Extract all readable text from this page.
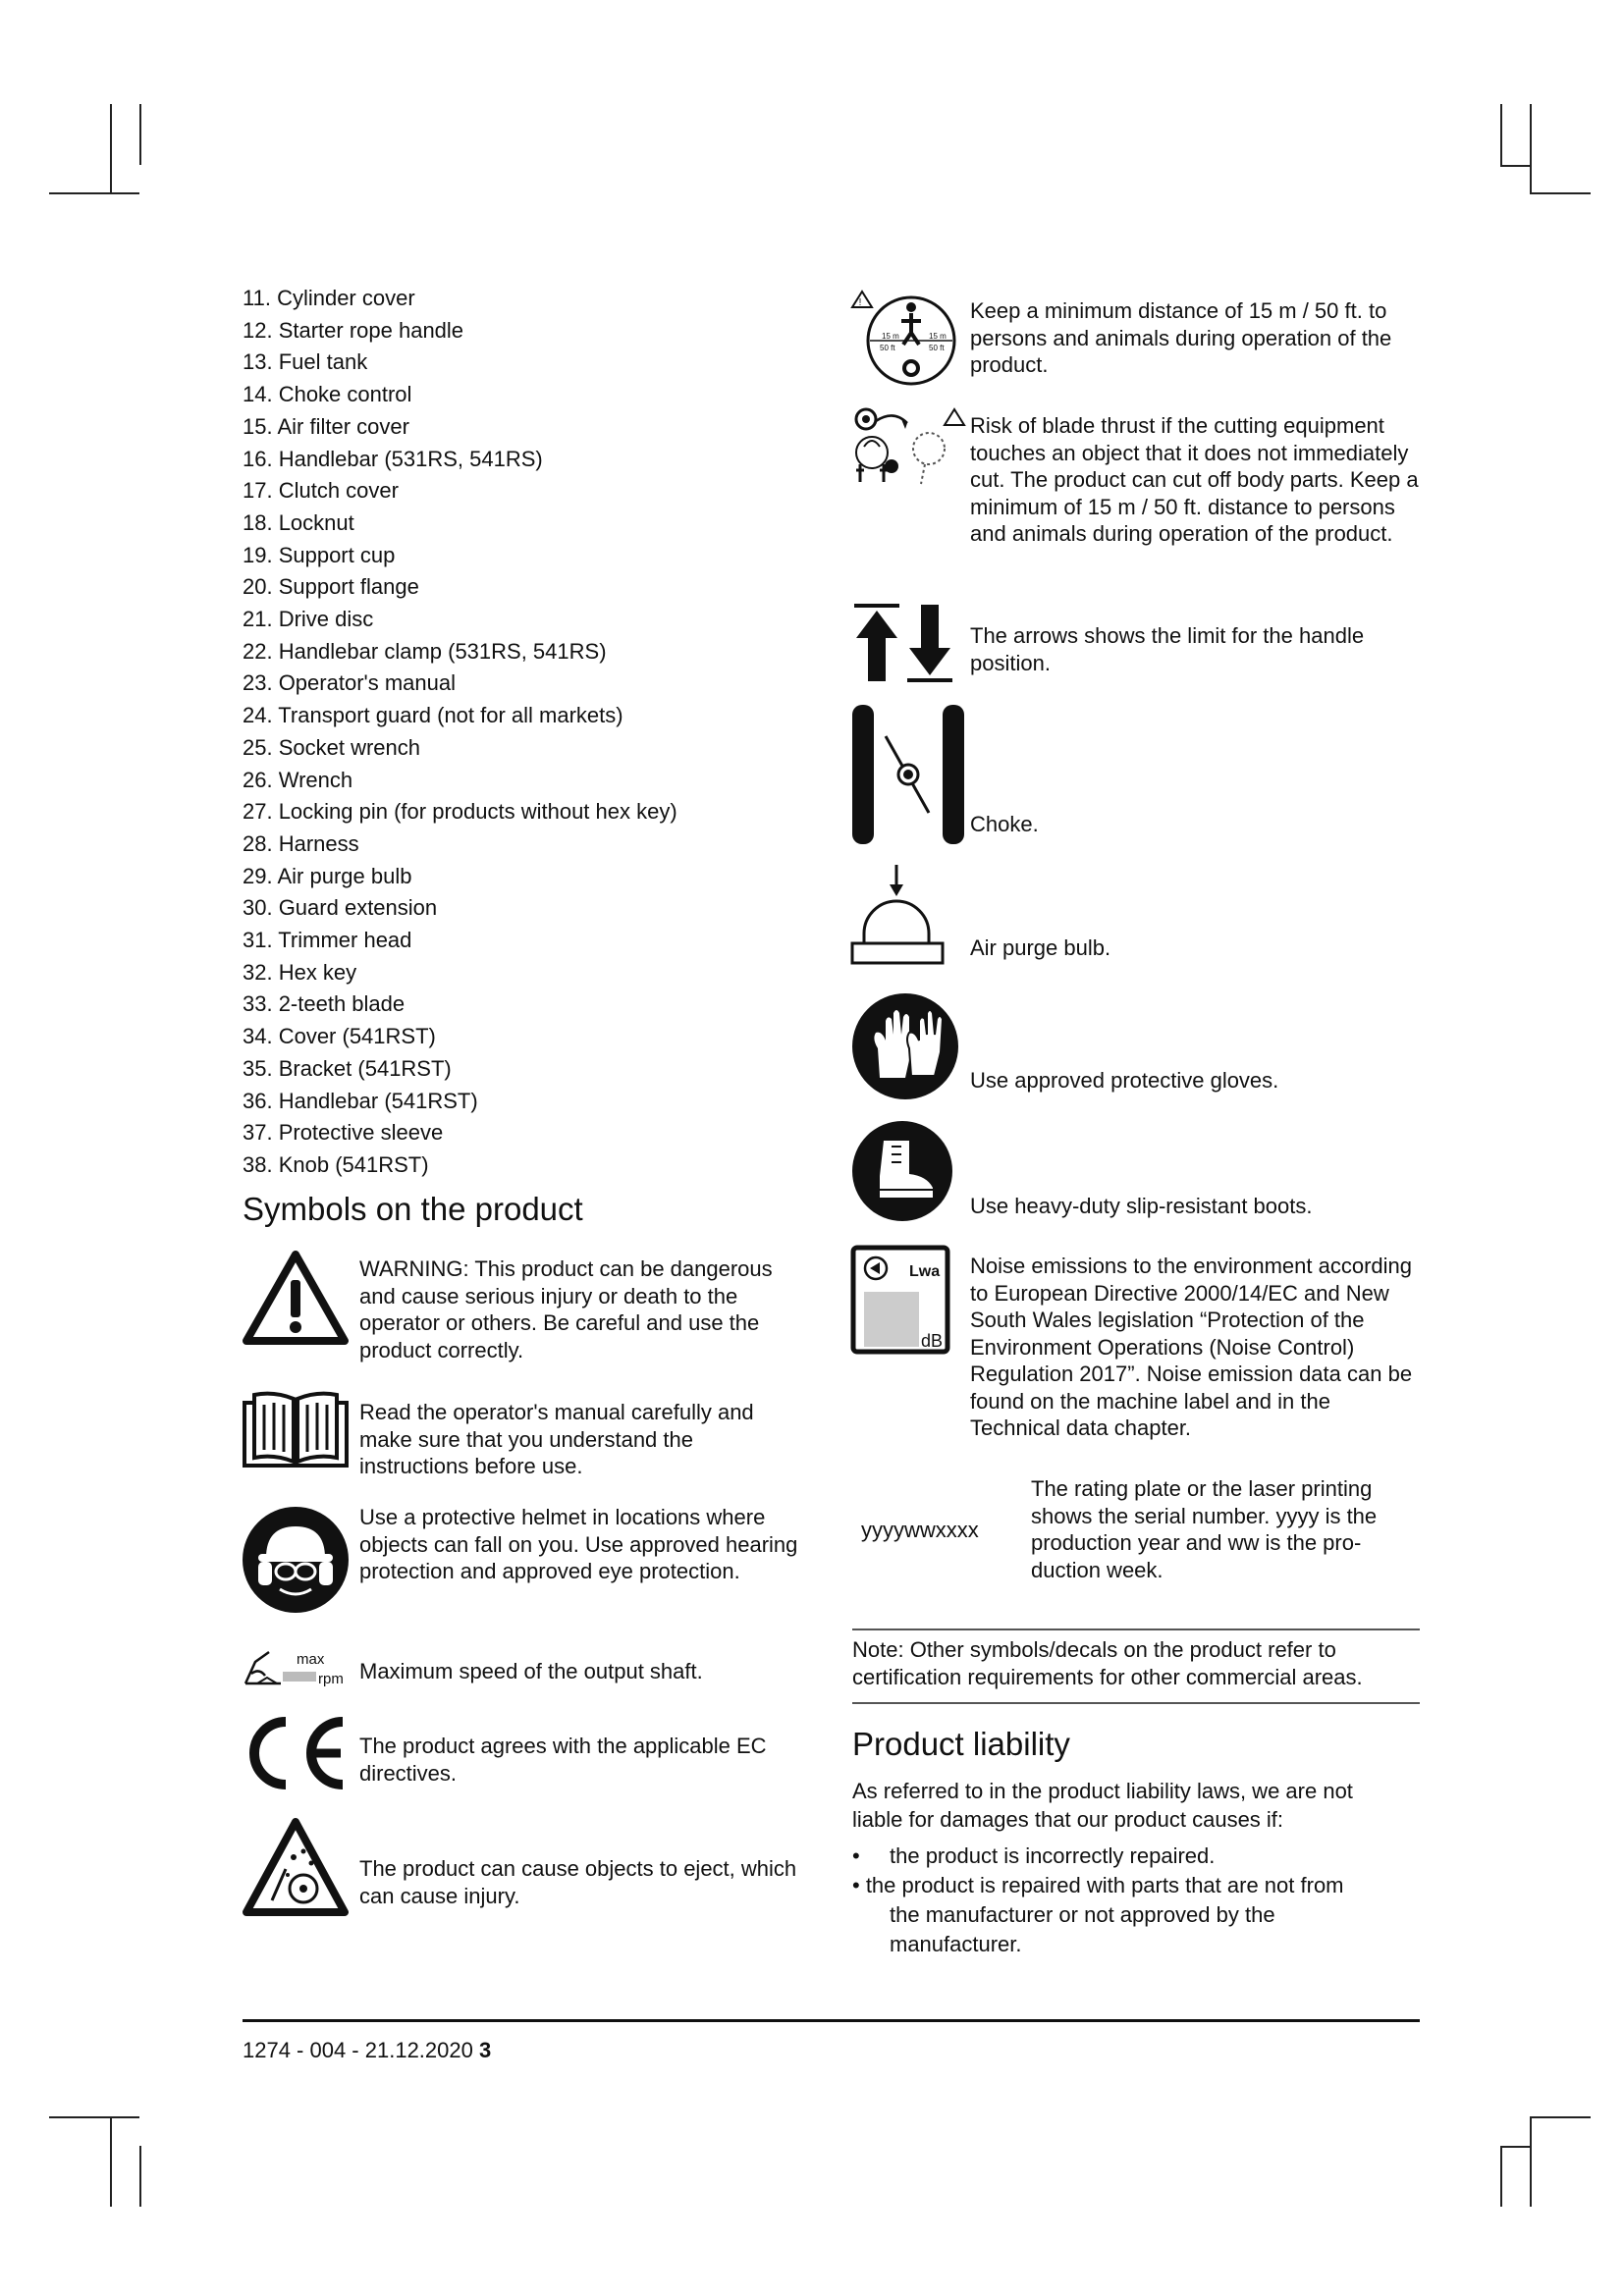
11. Cylinder cover
12. Starter rope handle
13. Fuel tank
14. Choke control
15. Air filter cover
16. Handlebar (531RS, 541RS)
17. Clutch cover
18. Locknut
19. Support cup
20. Support flange
21. Drive disc
22. Handlebar clamp (531RS, 541RS)
23. Operator's manual
24. Transport guard (not for all markets)
25. Socket wrench
26. Wrench
27. Locking pin (for products without hex key)
28. Harness
29. Air purge bulb
30. Guard extension
31. Trimmer head
32. Hex key
33. 2-teeth blade
34. Cover (541RST)
35. Bracket (541RST)
36. Handlebar (541RST)
37. Protective sleeve
38. Knob (541RST)
Symbols on the product
WARNING: This product can be dangerous and cause serious injury or death to the operator or others. Be careful and use the product correctly.
Read the operator's manual carefully and make sure that you understand the instructions before use.
Use a protective helmet in locations where objects can fall on you. Use approved hearing protection and approved eye protection.
max
rpm Maximum speed of the output shaft.
The product agrees with the applicable EC directives.
The product can cause objects to eject, which can cause injury.
!
15 m
50 ft
15 m
50 ft
Keep a minimum distance of 15 m / 50 ft. to persons and animals during operation of the product.
Risk of blade thrust if the cutting equipment touches an object that it does not immediately cut. The product can cut off body parts. Keep a minimum of 15 m / 50 ft. distance to persons and animals during operation of the product.
The arrows shows the limit for the handle position.
Choke.
Air purge bulb.
Use approved protective gloves.
Use heavy-duty slip-resistant boots.
Lwa
dB
Noise emissions to the environment according to European Directive 2000/14/EC and New South Wales legislation “Protection of the Environment Operations (Noise Control) Regulation 2017”. Noise emission data can be found on the machine label and in the Technical data chapter.
yyyywwxxxx
The rating plate or the laser printing shows the serial number. yyyy is the production year and ww is the pro-duction week.
Note: Other symbols/decals on the product refer to certification requirements for other commercial areas.
Product liability
As referred to in the product liability laws, we are not liable for damages that our product causes if:
• the product is incorrectly repaired.
• the product is repaired with parts that are not from
the manufacturer or not approved by the manufacturer.
1274 - 004 - 21.12.2020 3
